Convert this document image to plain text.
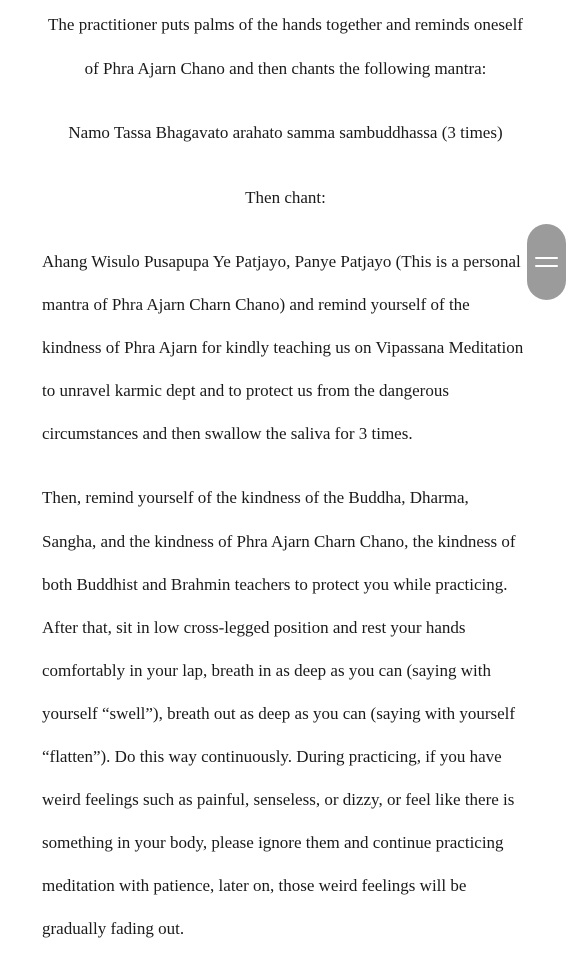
The practitioner puts palms of the hands together and reminds oneself
of Phra Ajarn Chano and then chants the following mantra:
Namo Tassa Bhagavato arahato samma sambuddhassa (3 times)
Then chant:
Ahang Wisulo Pusapupa Ye Patjayo, Panye Patjayo (This is a personal
mantra of Phra Ajarn Charn Chano) and remind yourself of the
kindness of Phra Ajarn for kindly teaching us on Vipassana Meditation
to unravel karmic dept and to protect us from the dangerous
circumstances and then swallow the saliva for 3 times.
Then, remind yourself of the kindness of the Buddha, Dharma,
Sangha, and the kindness of Phra Ajarn Charn Chano, the kindness of
both Buddhist and Brahmin teachers to protect you while practicing.
After that, sit in low cross-legged position and rest your hands
comfortably in your lap, breath in as deep as you can (saying with
yourself “swell”), breath out as deep as you can (saying with yourself
“flatten”). Do this way continuously. During practicing, if you have
weird feelings such as painful, senseless, or dizzy, or feel like there is
something in your body, please ignore them and continue practicing
meditation with patience, later on, those weird feelings will be
gradually fading out.
